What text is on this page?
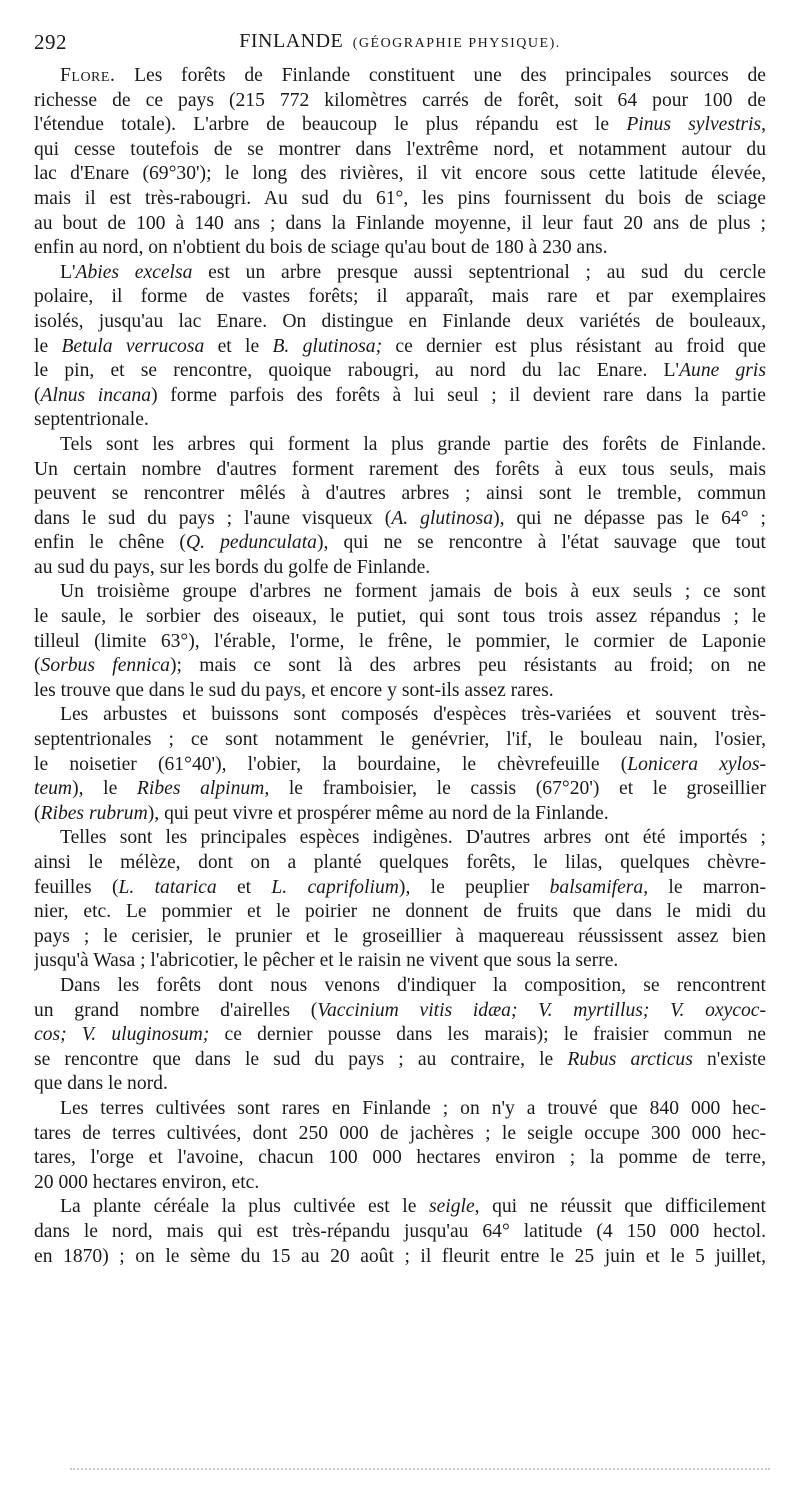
292	FINLANDE (GÉOGRAPHIE PHYSIQUE).
Flore. Les forêts de Finlande constituent une des principales sources de
richesse de ce pays (215 772 kilomètres carrés de forêt, soit 64 pour 100 de
l'étendue totale). L'arbre de beaucoup le plus répandu est le Pinus sylvestris,
qui cesse toutefois de se montrer dans l'extrême nord, et notamment autour du
lac d'Enare (69°30'); le long des rivières, il vit encore sous cette latitude élevée,
mais il est très-rabougri. Au sud du 61°, les pins fournissent du bois de sciage
au bout de 100 à 140 ans ; dans la Finlande moyenne, il leur faut 20 ans de plus ;
enfin au nord, on n'obtient du bois de sciage qu'au bout de 180 à 230 ans.
L'Abies excelsa est un arbre presque aussi septentrional ; au sud du cercle
polaire, il forme de vastes forêts; il apparaît, mais rare et par exemplaires
isolés, jusqu'au lac Enare. On distingue en Finlande deux variétés de bouleaux,
le Betula verrucosa et le B. glutinosa; ce dernier est plus résistant au froid que
le pin, et se rencontre, quoique rabougri, au nord du lac Enare. L'Aune gris
(Alnus incana) forme parfois des forêts à lui seul ; il devient rare dans la partie
septentrionale.
Tels sont les arbres qui forment la plus grande partie des forêts de Finlande.
Un certain nombre d'autres forment rarement des forêts à eux tous seuls, mais
peuvent se rencontrer mêlés à d'autres arbres ; ainsi sont le tremble, commun
dans le sud du pays ; l'aune visqueux (A. glutinosa), qui ne dépasse pas le 64° ;
enfin le chêne (Q. pedunculata), qui ne se rencontre à l'état sauvage que tout
au sud du pays, sur les bords du golfe de Finlande.
Un troisième groupe d'arbres ne forment jamais de bois à eux seuls ; ce sont
le saule, le sorbier des oiseaux, le putiet, qui sont tous trois assez répandus ; le
tilleul (limite 63°), l'érable, l'orme, le frêne, le pommier, le cormier de Laponie
(Sorbus fennica); mais ce sont là des arbres peu résistants au froid; on ne
les trouve que dans le sud du pays, et encore y sont-ils assez rares.
Les arbustes et buissons sont composés d'espèces très-variées et souvent très-
septentrionales ; ce sont notamment le genévrier, l'if, le bouleau nain, l'osier,
le noisetier (61°40'), l'obier, la bourdaine, le chèvrefeuille (Lonicera xylos-
teum), le Ribes alpinum, le framboisier, le cassis (67°20') et le groseillier
(Ribes rubrum), qui peut vivre et prospérer même au nord de la Finlande.
Telles sont les principales espèces indigènes. D'autres arbres ont été importés ;
ainsi le mélèze, dont on a planté quelques forêts, le lilas, quelques chèvre-
feuilles (L. tatarica et L. caprifolium), le peuplier balsamifera, le marron-
nier, etc. Le pommier et le poirier ne donnent de fruits que dans le midi du
pays ; le cerisier, le prunier et le groseillier à maquereau réussissent assez bien
jusqu'à Wasa ; l'abricotier, le pêcher et le raisin ne vivent que sous la serre.
Dans les forêts dont nous venons d'indiquer la composition, se rencontrent
un grand nombre d'airelles (Vaccinium vitis idæa; V. myrtillus; V. oxycoc-
cos; V. uluginosum; ce dernier pousse dans les marais); le fraisier commun ne
se rencontre que dans le sud du pays ; au contraire, le Rubus arcticus n'existe
que dans le nord.
Les terres cultivées sont rares en Finlande ; on n'y a trouvé que 840 000 hec-
tares de terres cultivées, dont 250 000 de jachères ; le seigle occupe 300 000 hec-
tares, l'orge et l'avoine, chacun 100 000 hectares environ ; la pomme de terre,
20 000 hectares environ, etc.
La plante céréale la plus cultivée est le seigle, qui ne réussit que difficilement
dans le nord, mais qui est très-répandu jusqu'au 64° latitude (4 150 000 hectol.
en 1870) ; on le sème du 15 au 20 août ; il fleurit entre le 25 juin et le 5 juillet,
